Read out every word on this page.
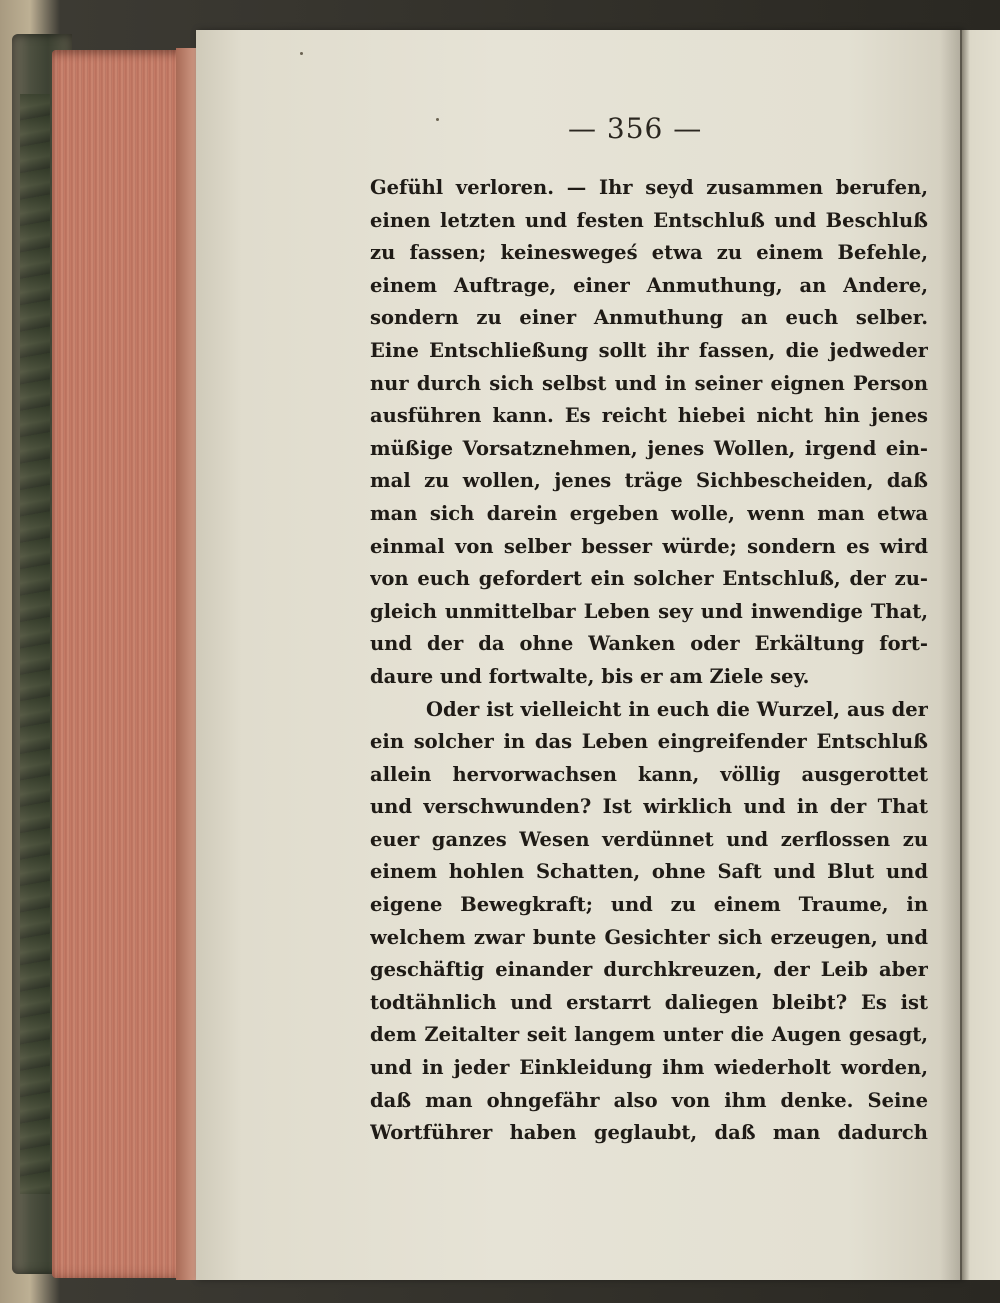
— 356 —
Gefühl verloren. — Ihr seyd zusammen berufen,
einen letzten und festen Entschluß und Beschluß
zu fassen; keineswegeś etwa zu einem Befehle,
einem Auftrage, einer Anmuthung, an Andere,
sondern zu einer Anmuthung an euch selber.
Eine Entschließung sollt ihr fassen, die jedweder
nur durch sich selbst und in seiner eignen Person
ausführen kann. Es reicht hiebei nicht hin jenes
müßige Vorsatznehmen, jenes Wollen, irgend ein-
mal zu wollen, jenes träge Sichbescheiden, daß
man sich darein ergeben wolle, wenn man etwa
einmal von selber besser würde; sondern es wird
von euch gefordert ein solcher Entschluß, der zu-
gleich unmittelbar Leben sey und inwendige That,
und der da ohne Wanken oder Erkältung fort-
daure und fortwalte, bis er am Ziele sey.
Oder ist vielleicht in euch die Wurzel, aus der
ein solcher in das Leben eingreifender Entschluß
allein hervorwachsen kann, völlig ausgerottet
und verschwunden? Ist wirklich und in der That
euer ganzes Wesen verdünnet und zerflossen zu
einem hohlen Schatten, ohne Saft und Blut und
eigene Bewegkraft; und zu einem Traume, in
welchem zwar bunte Gesichter sich erzeugen, und
geschäftig einander durchkreuzen, der Leib aber
todtähnlich und erstarrt daliegen bleibt? Es ist
dem Zeitalter seit langem unter die Augen gesagt,
und in jeder Einkleidung ihm wiederholt worden,
daß man ohngefähr also von ihm denke. Seine
Wortführer haben geglaubt, daß man dadurch
